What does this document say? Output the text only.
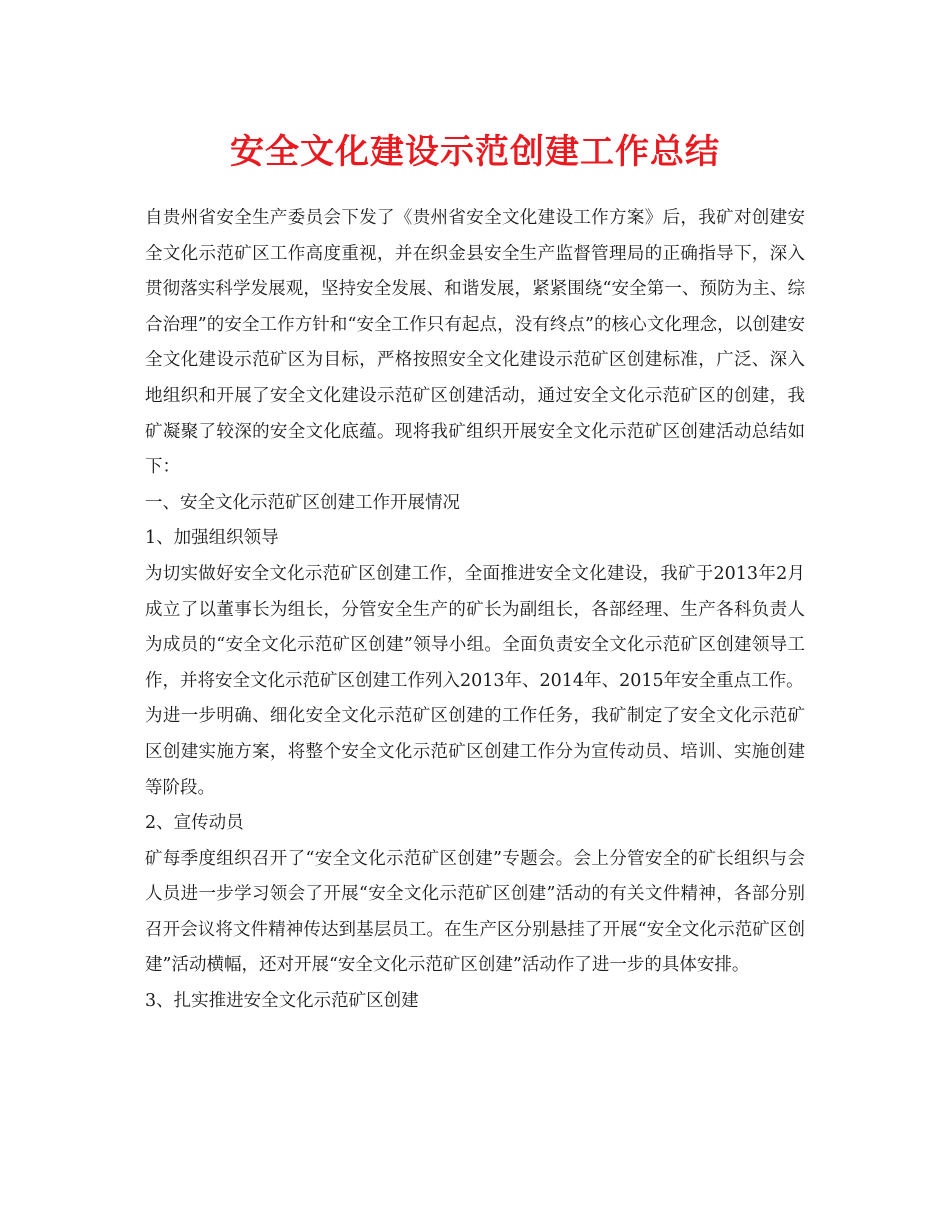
安全文化建设示范创建工作总结

自贵州省安全生产委员会下发了《贵州省安全文化建设工作方案》后，我矿对创建安全文化示范矿区工作高度重视，并在织金县安全生产监督管理局的正确指导下，深入贯彻落实科学发展观，坚持安全发展、和谐发展，紧紧围绕“安全第一、预防为主、综合治理”的安全工作方针和“安全工作只有起点，没有终点”的核心文化理念，以创建安全文化建设示范矿区为目标，严格按照安全文化建设示范矿区创建标准，广泛、深入地组织和开展了安全文化建设示范矿区创建活动，通过安全文化示范矿区的创建，我矿凝聚了较深的安全文化底蕴。现将我矿组织开展安全文化示范矿区创建活动总结如下：

一、安全文化示范矿区创建工作开展情况

1、加强组织领导

为切实做好安全文化示范矿区创建工作，全面推进安全文化建设，我矿于2013年2月成立了以董事长为组长，分管安全生产的矿长为副组长，各部经理、生产各科负责人为成员的“安全文化示范矿区创建”领导小组。全面负责安全文化示范矿区创建领导工作，并将安全文化示范矿区创建工作列入2013年、2014年、2015年安全重点工作。

为进一步明确、细化安全文化示范矿区创建的工作任务，我矿制定了安全文化示范矿区创建实施方案，将整个安全文化示范矿区创建工作分为宣传动员、培训、实施创建等阶段。

2、宣传动员

矿每季度组织召开了“安全文化示范矿区创建”专题会。会上分管安全的矿长组织与会人员进一步学习领会了开展“安全文化示范矿区创建”活动的有关文件精神，各部分别召开会议将文件精神传达到基层员工。在生产区分别悬挂了开展“安全文化示范矿区创建”活动横幅，还对开展“安全文化示范矿区创建”活动作了进一步的具体安排。

3、扎实推进安全文化示范矿区创建
